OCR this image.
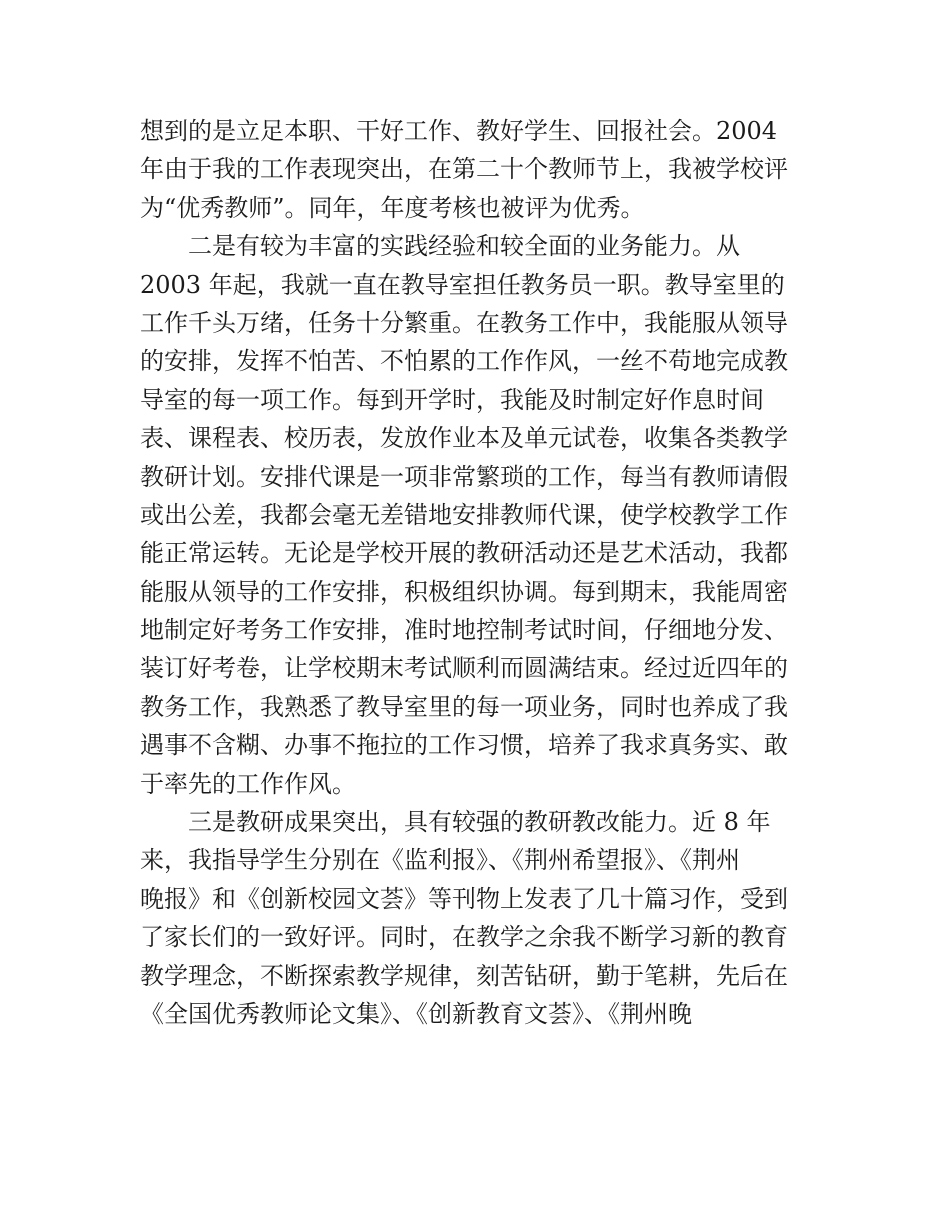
想到的是立足本职、干好工作、教好学生、回报社会。2004
年由于我的工作表现突出，在第二十个教师节上，我被学校评
为“优秀教师”。同年，年度考核也被评为优秀。
　　二是有较为丰富的实践经验和较全面的业务能力。从
2003 年起，我就一直在教导室担任教务员一职。教导室里的
工作千头万绪，任务十分繁重。在教务工作中，我能服从领导
的安排，发挥不怕苦、不怕累的工作作风，一丝不苟地完成教
导室的每一项工作。每到开学时，我能及时制定好作息时间
表、课程表、校历表，发放作业本及单元试卷，收集各类教学
教研计划。安排代课是一项非常繁琐的工作，每当有教师请假
或出公差，我都会毫无差错地安排教师代课，使学校教学工作
能正常运转。无论是学校开展的教研活动还是艺术活动，我都
能服从领导的工作安排，积极组织协调。每到期末，我能周密
地制定好考务工作安排，准时地控制考试时间，仔细地分发、
装订好考卷，让学校期末考试顺利而圆满结束。经过近四年的
教务工作，我熟悉了教导室里的每一项业务，同时也养成了我
遇事不含糊、办事不拖拉的工作习惯，培养了我求真务实、敢
于率先的工作作风。
　　三是教研成果突出，具有较强的教研教改能力。近 8 年
来，我指导学生分别在《监利报》、《荆州希望报》、《荆州
晚报》和《创新校园文荟》等刊物上发表了几十篇习作，受到
了家长们的一致好评。同时，在教学之余我不断学习新的教育
教学理念，不断探索教学规律，刻苦钻研，勤于笔耕，先后在
《全国优秀教师论文集》、《创新教育文荟》、《荆州晚
